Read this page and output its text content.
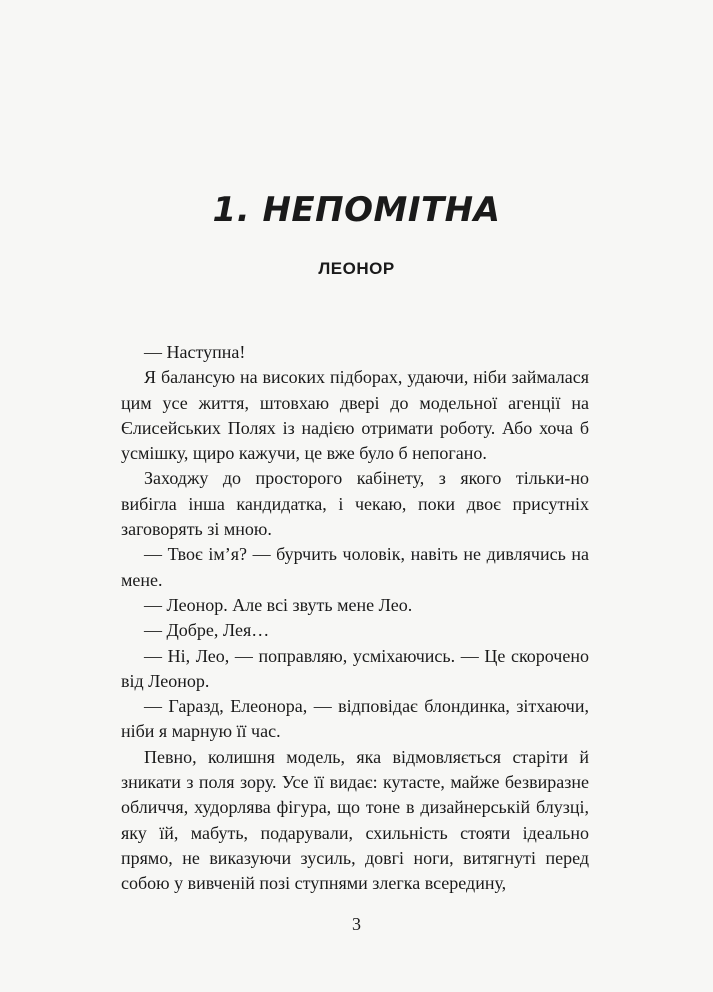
1. НЕПОМІТНА
ЛЕОНОР

— Наступна!

Я балансую на високих підборах, удаючи, ніби займалася цим усе життя, штовхаю двері до модельної агенції на Єлисейських Полях із надією отримати роботу. Або хоча б усмішку, щиро кажучи, це вже було б непогано.

Заходжу до просторого кабінету, з якого тільки-но вибігла інша кандидатка, і чекаю, поки двоє присутніх заговорять зі мною.

— Твоє ім’я? — бурчить чоловік, навіть не дивлячись на мене.

— Леонор. Але всі звуть мене Лео.

— Добре, Лея…

— Ні, Лео, — поправляю, усміхаючись. — Це скорочено від Леонор.

— Гаразд, Елеонора, — відповідає блондинка, зітхаючи, ніби я марную її час.

Певно, колишня модель, яка відмовляється старіти й зникати з поля зору. Усе її видає: кутасте, майже безвиразне обличчя, худорлява фігура, що тоне в дизайнерській блузці, яку їй, мабуть, подарували, схильність стояти ідеально прямо, не виказуючи зусиль, довгі ноги, витягнуті перед собою у вивченій позі ступнями злегка всередину,

3
